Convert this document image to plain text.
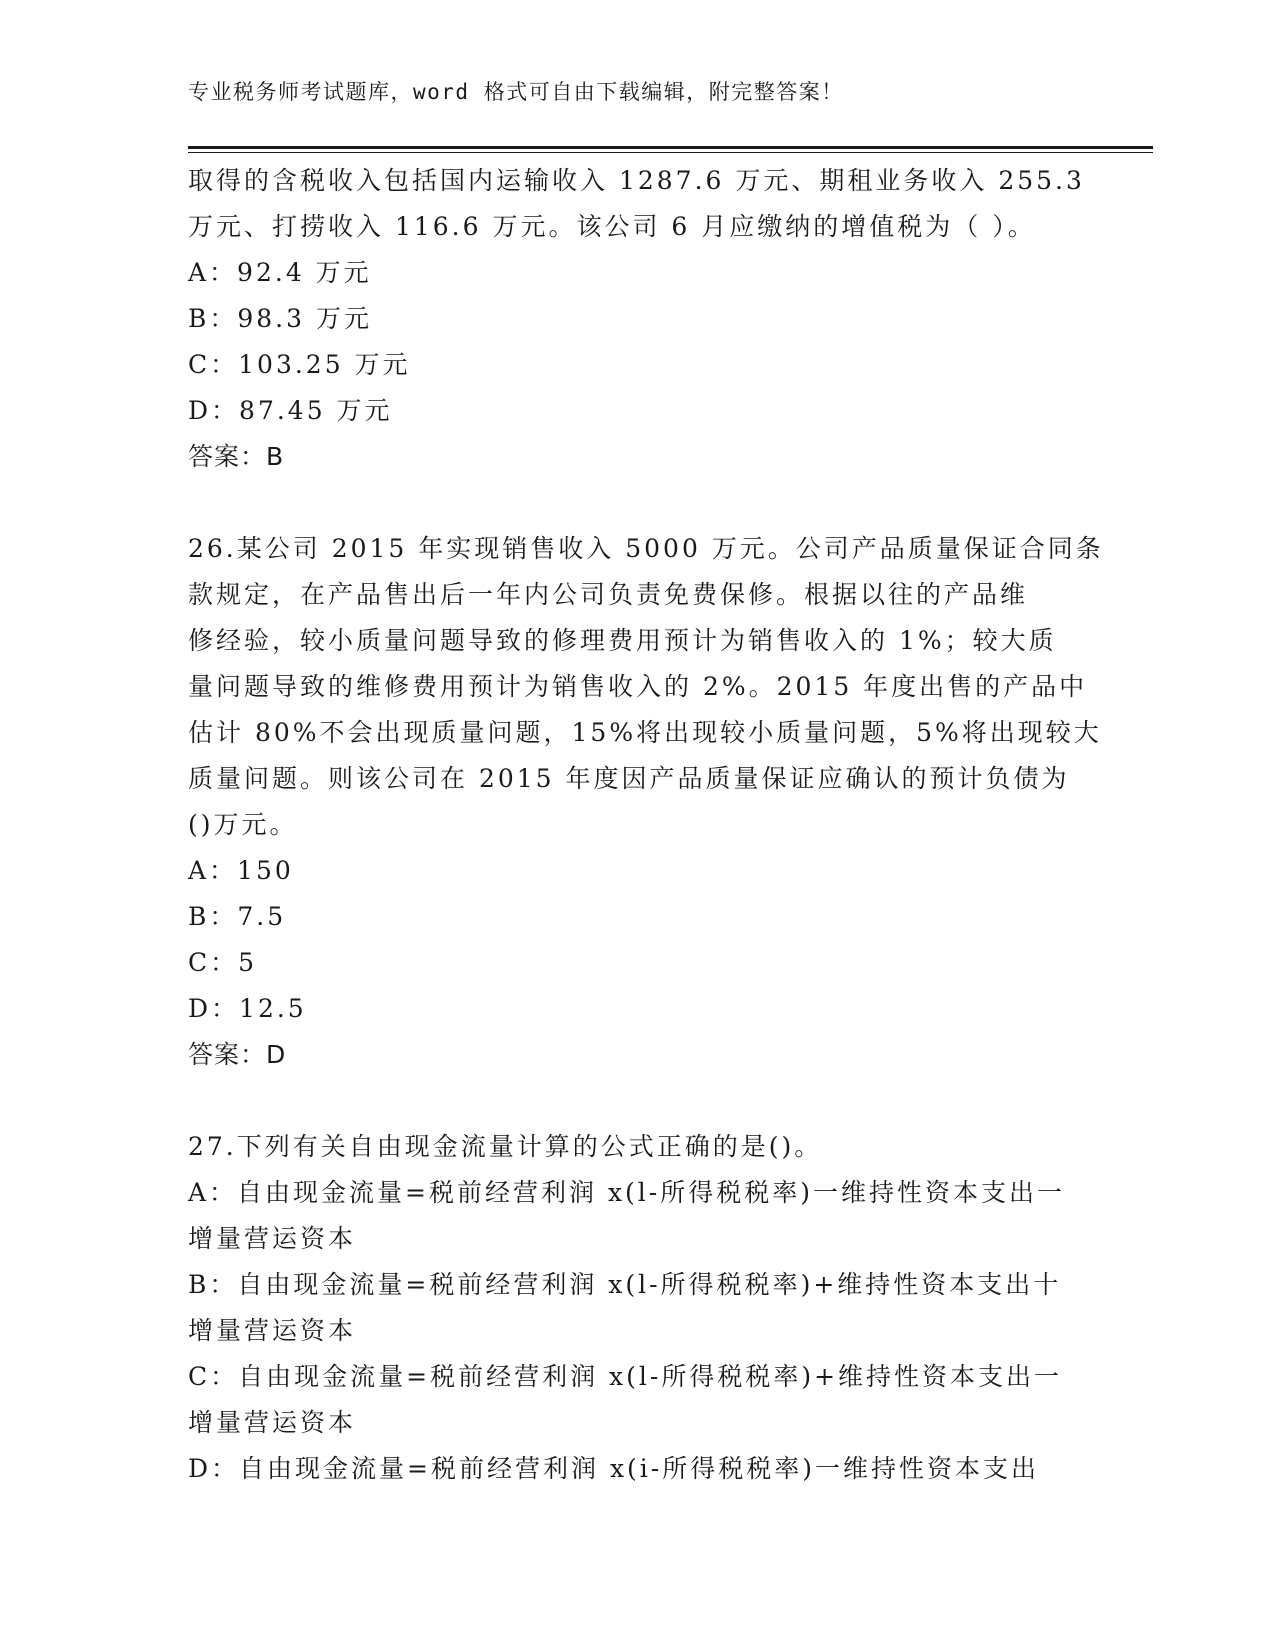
专业税务师考试题库，word 格式可自由下载编辑，附完整答案！
取得的含税收入包括国内运输收入 1287.6 万元、期租业务收入 255.3
万元、打捞收入 116.6 万元。该公司 6 月应缴纳的增值税为（ ）。
A：92.4 万元
B：98.3 万元
C：103.25 万元
D：87.45 万元
答案：B
26.某公司 2015 年实现销售收入 5000 万元。公司产品质量保证合同条
款规定，在产品售出后一年内公司负责免费保修。根据以往的产品维
修经验，较小质量问题导致的修理费用预计为销售收入的 1%；较大质
量问题导致的维修费用预计为销售收入的 2%。2015 年度出售的产品中
估计 80%不会出现质量问题，15%将出现较小质量问题，5%将出现较大
质量问题。则该公司在 2015 年度因产品质量保证应确认的预计负债为
()万元。
A：150
B：7.5
C：5
D：12.5
答案：D
27.下列有关自由现金流量计算的公式正确的是()。
A：自由现金流量=税前经营利润 x(l-所得税税率)一维持性资本支出一
增量营运资本
B：自由现金流量=税前经营利润 x(l-所得税税率)+维持性资本支出十
增量营运资本
C：自由现金流量=税前经营利润 x(l-所得税税率)+维持性资本支出一
增量营运资本
D：自由现金流量=税前经营利润 x(i-所得税税率)一维持性资本支出
